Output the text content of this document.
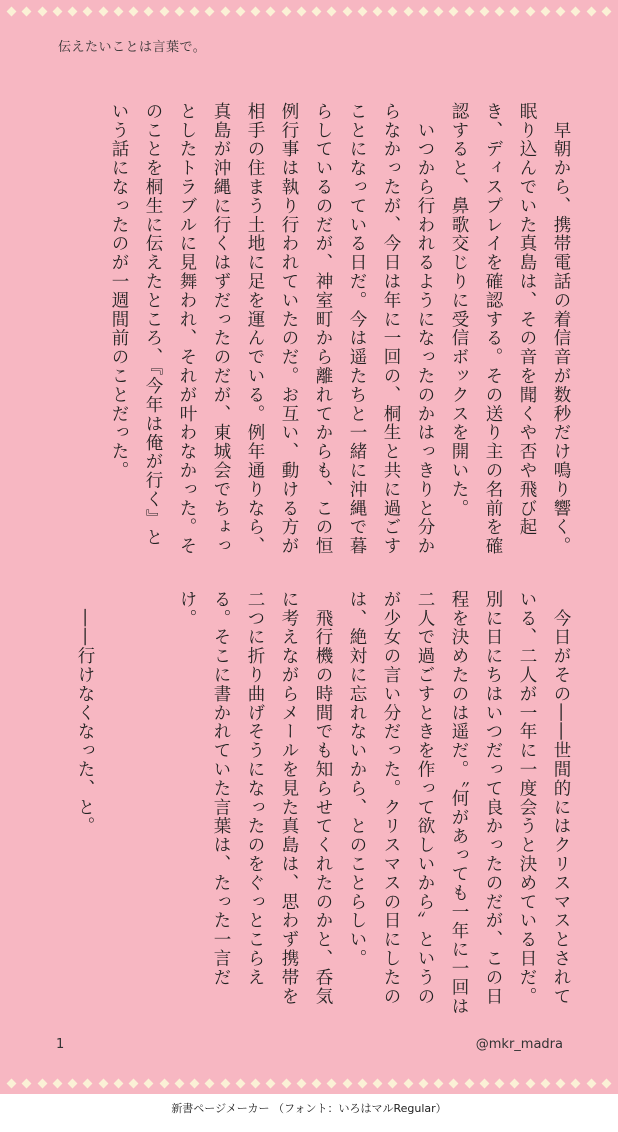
伝えたいことは言葉で。
　早朝から、携帯電話の着信音が数秒だけ鳴り響く。眠り込んでいた真島は、その音を聞くや否や飛び起き、ディスプレイを確認する。その送り主の名前を確認すると、鼻歌交じりに受信ボックスを開いた。
　いつから行われるようになったのかはっきりと分からなかったが、今日は年に一回の、桐生と共に過ごすことになっている日だ。今は遥たちと一緒に沖縄で暮らしているのだが、神室町から離れてからも、この恒例行事は執り行われていたのだ。お互い、動ける方が相手の住まう土地に足を運んでいる。例年通りなら、真島が沖縄に行くはずだったのだが、東城会でちょっとしたトラブルに見舞われ、それが叶わなかった。そのことを桐生に伝えたところ、『今年は俺が行く』という話になったのが一週間前のことだった。
　今日がその――世間的にはクリスマスとされている、二人が一年に一度会うと決めている日だ。別に日にちはいつだって良かったのだが、この日程を決めたのは遥だ。〝何があっても一年に一回は二人で過ごすときを作って欲しいから〟というのが少女の言い分だった。クリスマスの日にしたのは、絶対に忘れないから、とのことらしい。
　飛行機の時間でも知らせてくれたのかと、呑気に考えながらメールを見た真島は、思わず携帯を二つに折り曲げそうになったのをぐっとこらえる。そこに書かれていた言葉は、たった一言だけ。

　――行けなくなった、と。
1	@mkr_madra
新書ページメーカー （フォント：いろはマルRegular）
